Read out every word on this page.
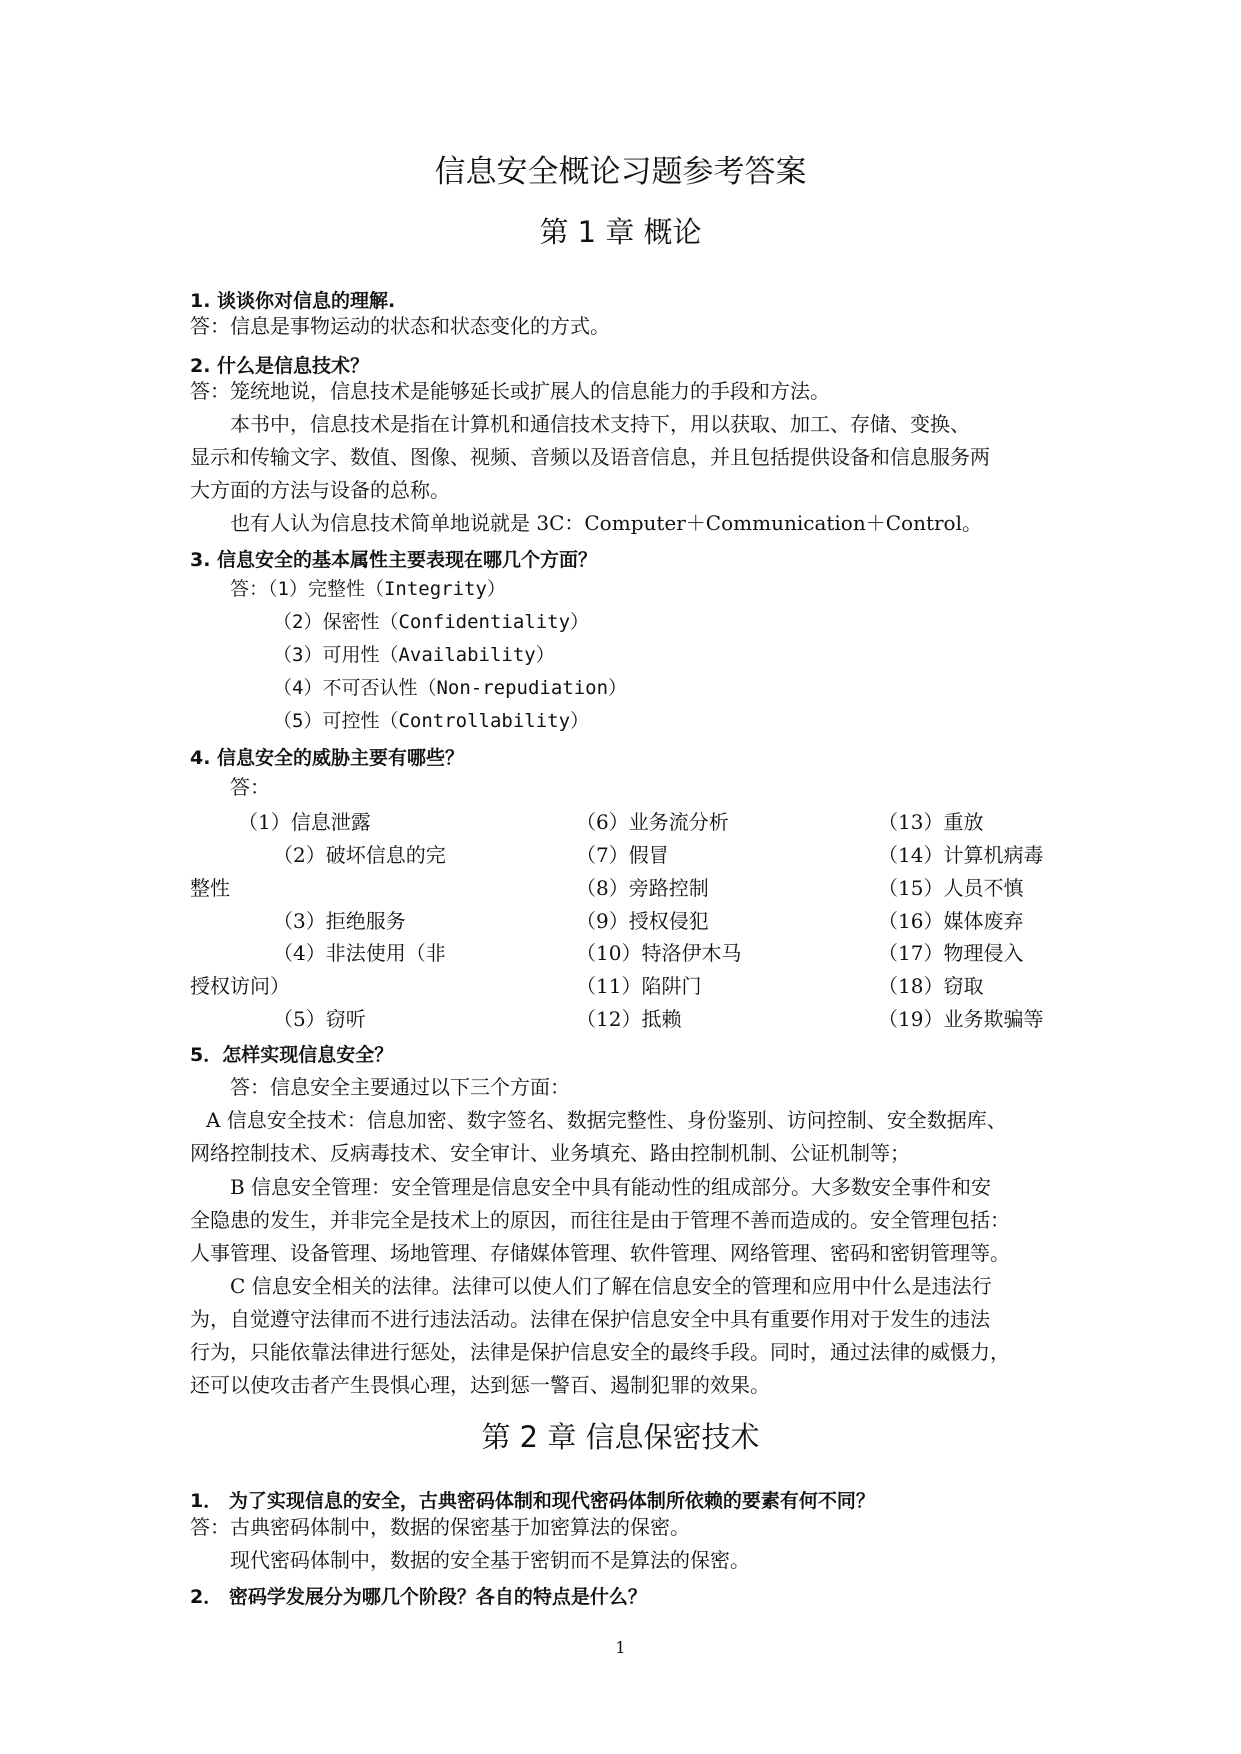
信息安全概论习题参考答案
第 1 章 概论
1. 谈谈你对信息的理解.
答：信息是事物运动的状态和状态变化的方式。
2. 什么是信息技术？
答：笼统地说，信息技术是能够延长或扩展人的信息能力的手段和方法。
本书中，信息技术是指在计算机和通信技术支持下，用以获取、加工、存储、变换、
显示和传输文字、数值、图像、视频、音频以及语音信息，并且包括提供设备和信息服务两
大方面的方法与设备的总称。
也有人认为信息技术简单地说就是 3C：Computer＋Communication＋Control。
3. 信息安全的基本属性主要表现在哪几个方面？
答：（1）完整性（Integrity）
（2）保密性（Confidentiality）
（3）可用性（Availability）
（4）不可否认性（Non-repudiation）
（5）可控性（Controllability）
4. 信息安全的威胁主要有哪些？
答：
（1）信息泄露
（2）破坏信息的完
整性
（3）拒绝服务
（4）非法使用（非
授权访问）
（5）窃听
（6）业务流分析
（7）假冒
（8）旁路控制
（9）授权侵犯
（10）特洛伊木马
（11）陷阱门
（12）抵赖
（13）重放
（14）计算机病毒
（15）人员不慎
（16）媒体废弃
（17）物理侵入
（18）窃取
（19）业务欺骗等
5．怎样实现信息安全？
答：信息安全主要通过以下三个方面：
A 信息安全技术：信息加密、数字签名、数据完整性、身份鉴别、访问控制、安全数据库、
网络控制技术、反病毒技术、安全审计、业务填充、路由控制机制、公证机制等；
B 信息安全管理：安全管理是信息安全中具有能动性的组成部分。大多数安全事件和安
全隐患的发生，并非完全是技术上的原因，而往往是由于管理不善而造成的。安全管理包括：
人事管理、设备管理、场地管理、存储媒体管理、软件管理、网络管理、密码和密钥管理等。
C 信息安全相关的法律。法律可以使人们了解在信息安全的管理和应用中什么是违法行
为，自觉遵守法律而不进行违法活动。法律在保护信息安全中具有重要作用对于发生的违法
行为，只能依靠法律进行惩处，法律是保护信息安全的最终手段。同时，通过法律的威慑力，
还可以使攻击者产生畏惧心理，达到惩一警百、遏制犯罪的效果。
第 2 章 信息保密技术
1． 为了实现信息的安全，古典密码体制和现代密码体制所依赖的要素有何不同？
答：古典密码体制中，数据的保密基于加密算法的保密。
现代密码体制中，数据的安全基于密钥而不是算法的保密。
2． 密码学发展分为哪几个阶段？各自的特点是什么？
1
